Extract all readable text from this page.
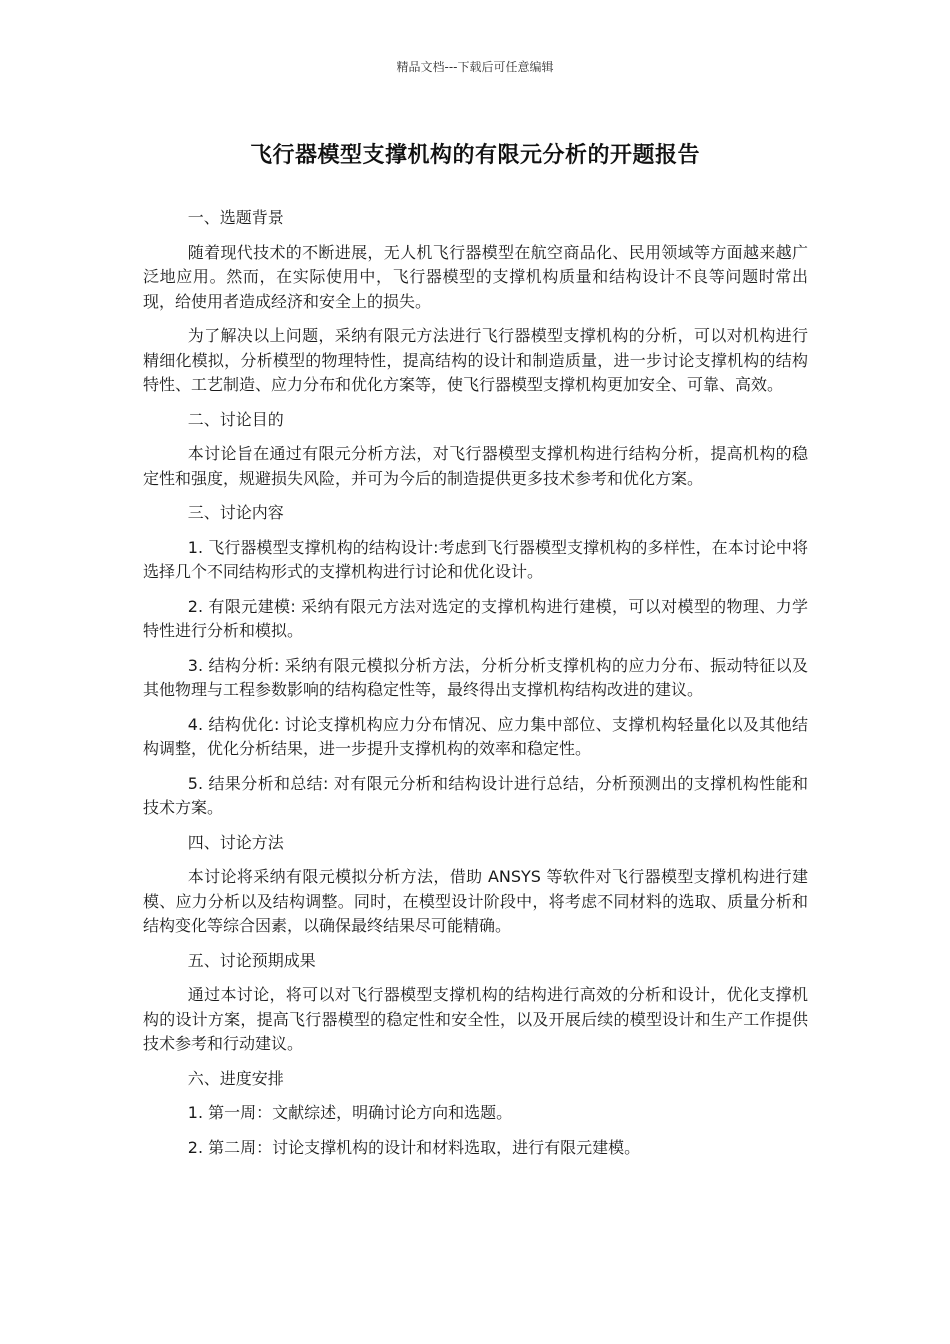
精品文档---下载后可任意编辑
飞行器模型支撑机构的有限元分析的开题报告

一、选题背景

随着现代技术的不断进展，无人机飞行器模型在航空商品化、民用领域等方面越来越广泛地应用。然而，在实际使用中，飞行器模型的支撑机构质量和结构设计不良等问题时常出现，给使用者造成经济和安全上的损失。

为了解决以上问题，采纳有限元方法进行飞行器模型支撑机构的分析，可以对机构进行精细化模拟，分析模型的物理特性，提高结构的设计和制造质量，进一步讨论支撑机构的结构特性、工艺制造、应力分布和优化方案等，使飞行器模型支撑机构更加安全、可靠、高效。

二、讨论目的

本讨论旨在通过有限元分析方法，对飞行器模型支撑机构进行结构分析，提高机构的稳定性和强度，规避损失风险，并可为今后的制造提供更多技术参考和优化方案。

三、讨论内容

1. 飞行器模型支撑机构的结构设计:考虑到飞行器模型支撑机构的多样性，在本讨论中将选择几个不同结构形式的支撑机构进行讨论和优化设计。

2. 有限元建模: 采纳有限元方法对选定的支撑机构进行建模，可以对模型的物理、力学特性进行分析和模拟。

3. 结构分析: 采纳有限元模拟分析方法，分析分析支撑机构的应力分布、振动特征以及其他物理与工程参数影响的结构稳定性等，最终得出支撑机构结构改进的建议。

4. 结构优化: 讨论支撑机构应力分布情况、应力集中部位、支撑机构轻量化以及其他结构调整，优化分析结果，进一步提升支撑机构的效率和稳定性。

5. 结果分析和总结: 对有限元分析和结构设计进行总结，分析预测出的支撑机构性能和技术方案。

四、讨论方法

本讨论将采纳有限元模拟分析方法，借助 ANSYS 等软件对飞行器模型支撑机构进行建模、应力分析以及结构调整。同时，在模型设计阶段中，将考虑不同材料的选取、质量分析和结构变化等综合因素，以确保最终结果尽可能精确。

五、讨论预期成果

通过本讨论，将可以对飞行器模型支撑机构的结构进行高效的分析和设计，优化支撑机构的设计方案，提高飞行器模型的稳定性和安全性，以及开展后续的模型设计和生产工作提供技术参考和行动建议。

六、进度安排

1. 第一周：文献综述，明确讨论方向和选题。

2. 第二周：讨论支撑机构的设计和材料选取，进行有限元建模。
